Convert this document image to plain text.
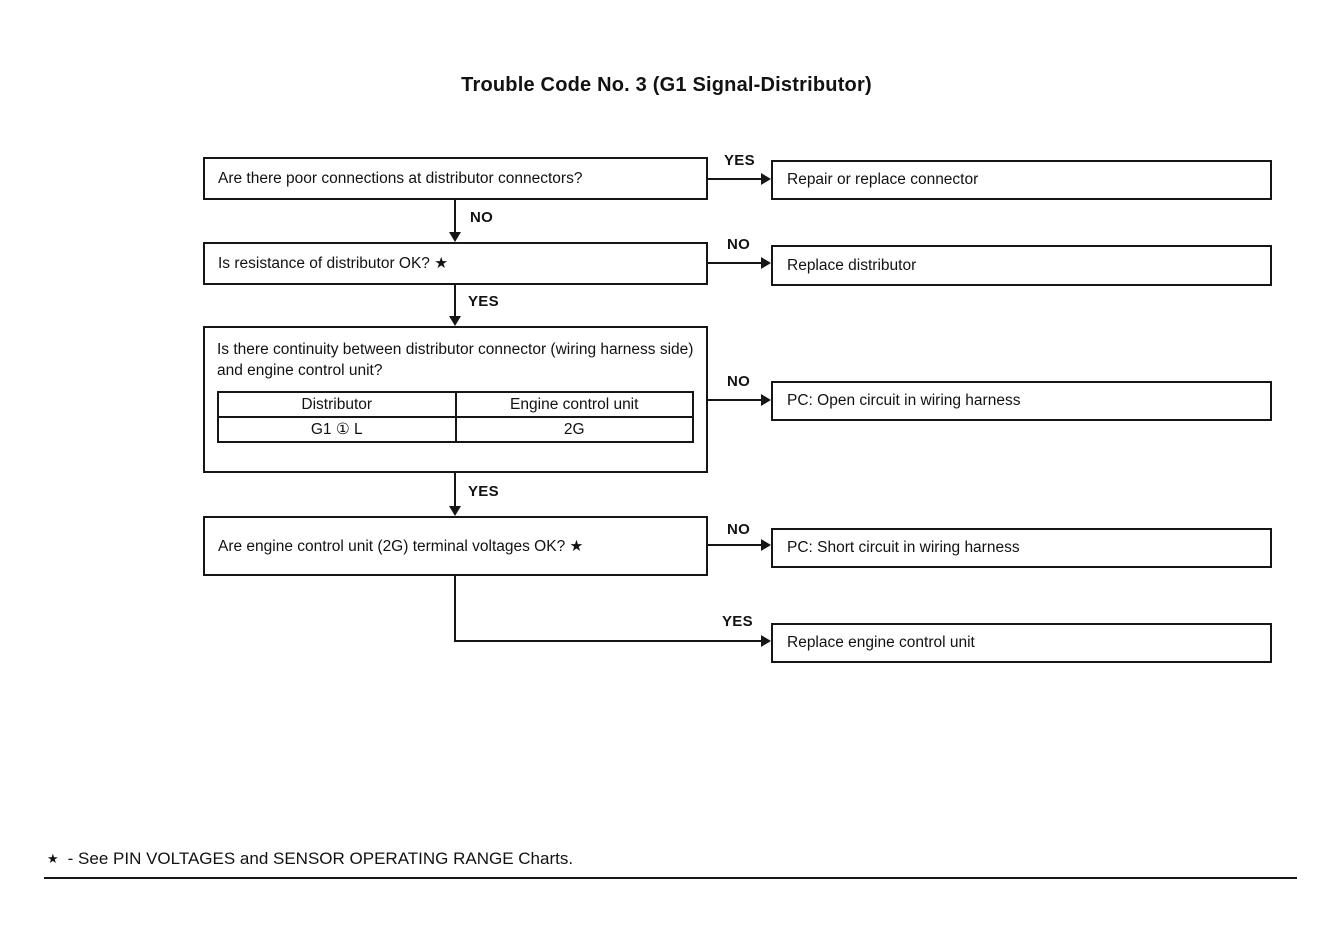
Trouble Code No. 3 (G1 Signal-Distributor)
Are there poor connections at distributor connectors?
YES
Repair or replace connector
NO
Is resistance of distributor OK? ★
NO
Replace distributor
YES
Is there continuity between distributor connector (wiring harness side) and engine control unit?
Distributor	Engine control unit
G1 ① L	2G
NO
PC: Open circuit in wiring harness
YES
Are engine control unit (2G) terminal voltages OK? ★
NO
PC: Short circuit in wiring harness
YES
Replace engine control unit
★ - See PIN VOLTAGES and SENSOR OPERATING RANGE Charts.
